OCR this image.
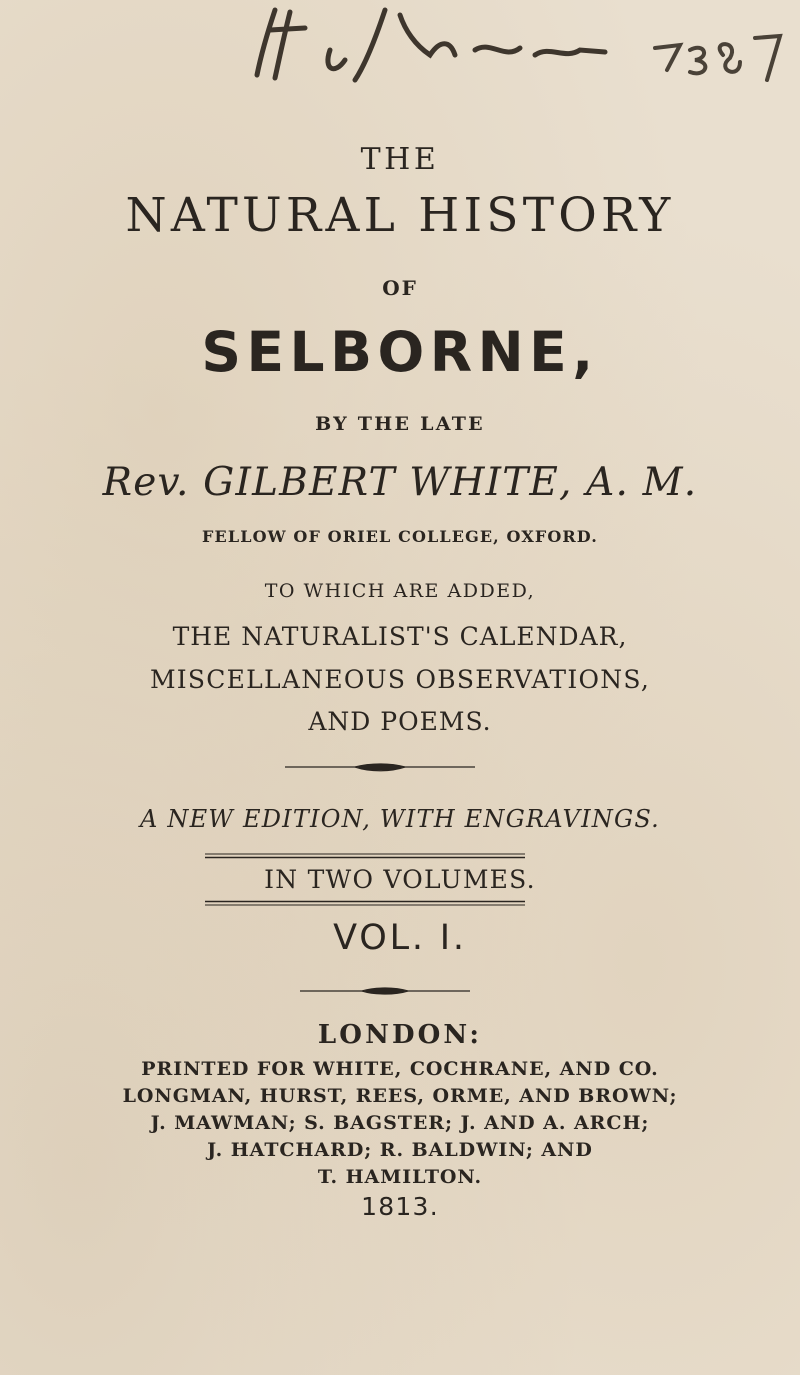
THE
NATURAL HISTORY
OF
SELBORNE,
BY THE LATE
Rev. GILBERT WHITE, A. M.
FELLOW OF ORIEL COLLEGE, OXFORD.
TO WHICH ARE ADDED,
THE NATURALIST'S CALENDAR,
MISCELLANEOUS OBSERVATIONS,
AND POEMS.
A NEW EDITION, WITH ENGRAVINGS.
IN TWO VOLUMES.
VOL. I.
LONDON:
PRINTED FOR WHITE, COCHRANE, AND CO.
LONGMAN, HURST, REES, ORME, AND BROWN;
J. MAWMAN; S. BAGSTER; J. AND A. ARCH;
J. HATCHARD; R. BALDWIN; AND
T. HAMILTON.
1813.
